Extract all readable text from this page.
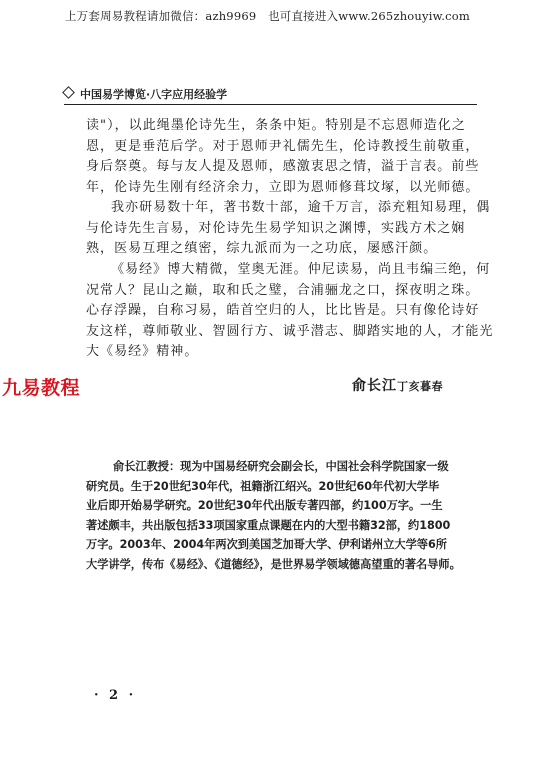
上万套周易教程请加微信：azh9969　也可直接进入www.265zhouyiw.com
中国易学博览·八字应用经验学
读"），以此绳墨伦诗先生，条条中矩。特别是不忘恩师造化之
恩，更是垂范后学。对于恩师尹礼儒先生，伦诗教授生前敬重，
身后祭奠。每与友人提及恩师，感激衷思之情，溢于言表。前些
年，伦诗先生刚有经济余力，立即为恩师修葺坟塚，以光师德。
我亦研易数十年，著书数十部，逾千万言，添充粗知易理，偶
与伦诗先生言易，对伦诗先生易学知识之渊博，实践方术之娴
熟，医易互理之缜密，综九派而为一之功底，屡感汗颜。
《易经》博大精微，堂奥无涯。仲尼读易，尚且韦编三绝，何
况常人？昆山之巅，取和氏之璧，合浦骊龙之口，探夜明之珠。
心存浮躁，自称习易，皓首空归的人，比比皆是。只有像伦诗好
友这样，尊师敬业、智圆行方、诚乎潜志、脚踏实地的人，才能光
大《易经》精神。
九易教程	俞长江丁亥暮春
俞长江教授：现为中国易经研究会副会长，中国社会科学院国家一级
研究员。生于20世纪30年代，祖籍浙江绍兴。20世纪60年代初大学毕
业后即开始易学研究。20世纪30年代出版专著四部，约100万字。一生
著述颇丰，共出版包括33项国家重点课题在内的大型书籍32部，约1800
万字。2003年、2004年两次到美国芝加哥大学、伊利诺州立大学等6所
大学讲学，传布《易经》、《道德经》，是世界易学领域德高望重的著名导师。
· 2 ·
